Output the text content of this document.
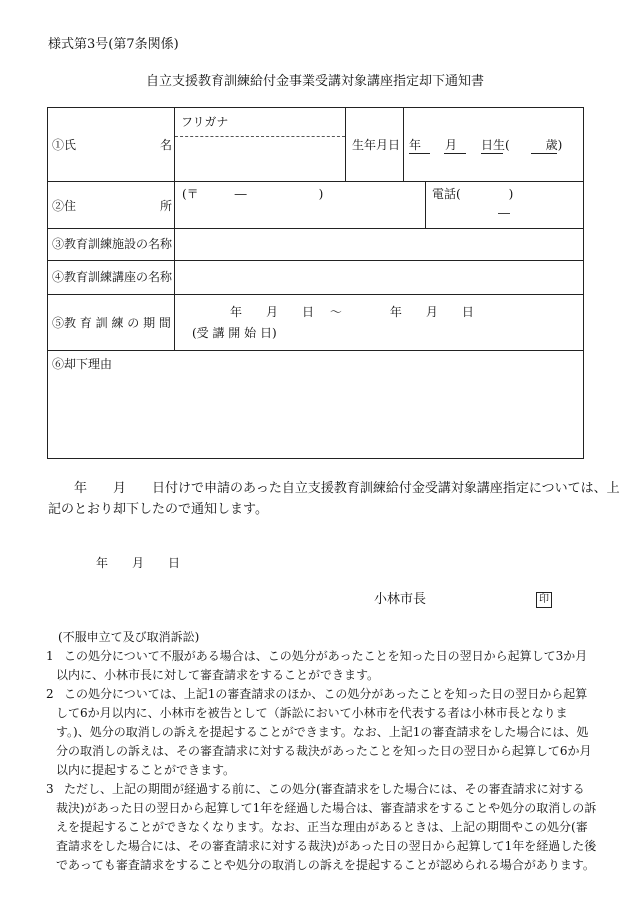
様式第3号(第7条関係)
自立支援教育訓練給付金事業受講対象講座指定却下通知書
①氏　　　　　　　名
フリガナ
生年月日 年　　月　　日生(　　　歳)
②住　　　　　　　所
(〒　　　―　　　　　　)	電話(　　　　)
―
③教育訓練施設の名称
④教育訓練講座の名称
⑤教 育 訓 練 の 期 間
年　　月　　日　 ～　　　　年　　月　　日
(受 講 開 始 日)
⑥却下理由
　　年　　月　　日付けで申請のあった自立支援教育訓練給付金受講対象講座指定については、上
記のとおり却下したので通知します。
年　　月　　日
小林市長	印
(不服申立て及び取消訴訟)
1 この処分について不服がある場合は、この処分があったことを知った日の翌日から起算して3か月
以内に、小林市長に対して審査請求をすることができます。
2 この処分については、上記1の審査請求のほか、この処分があったことを知った日の翌日から起算
して6か月以内に、小林市を被告として（訴訟において小林市を代表する者は小林市長となりま
す。)、処分の取消しの訴えを提起することができます。なお、上記1の審査請求をした場合には、処
分の取消しの訴えは、その審査請求に対する裁決があったことを知った日の翌日から起算して6か月
以内に提起することができます。
3 ただし、上記の期間が経過する前に、この処分(審査請求をした場合には、その審査請求に対する
裁決)があった日の翌日から起算して1年を経過した場合は、審査請求をすることや処分の取消しの訴
えを提起することができなくなります。なお、正当な理由があるときは、上記の期間やこの処分(審
査請求をした場合には、その審査請求に対する裁決)があった日の翌日から起算して1年を経過した後
であっても審査請求をすることや処分の取消しの訴えを提起することが認められる場合があります。
